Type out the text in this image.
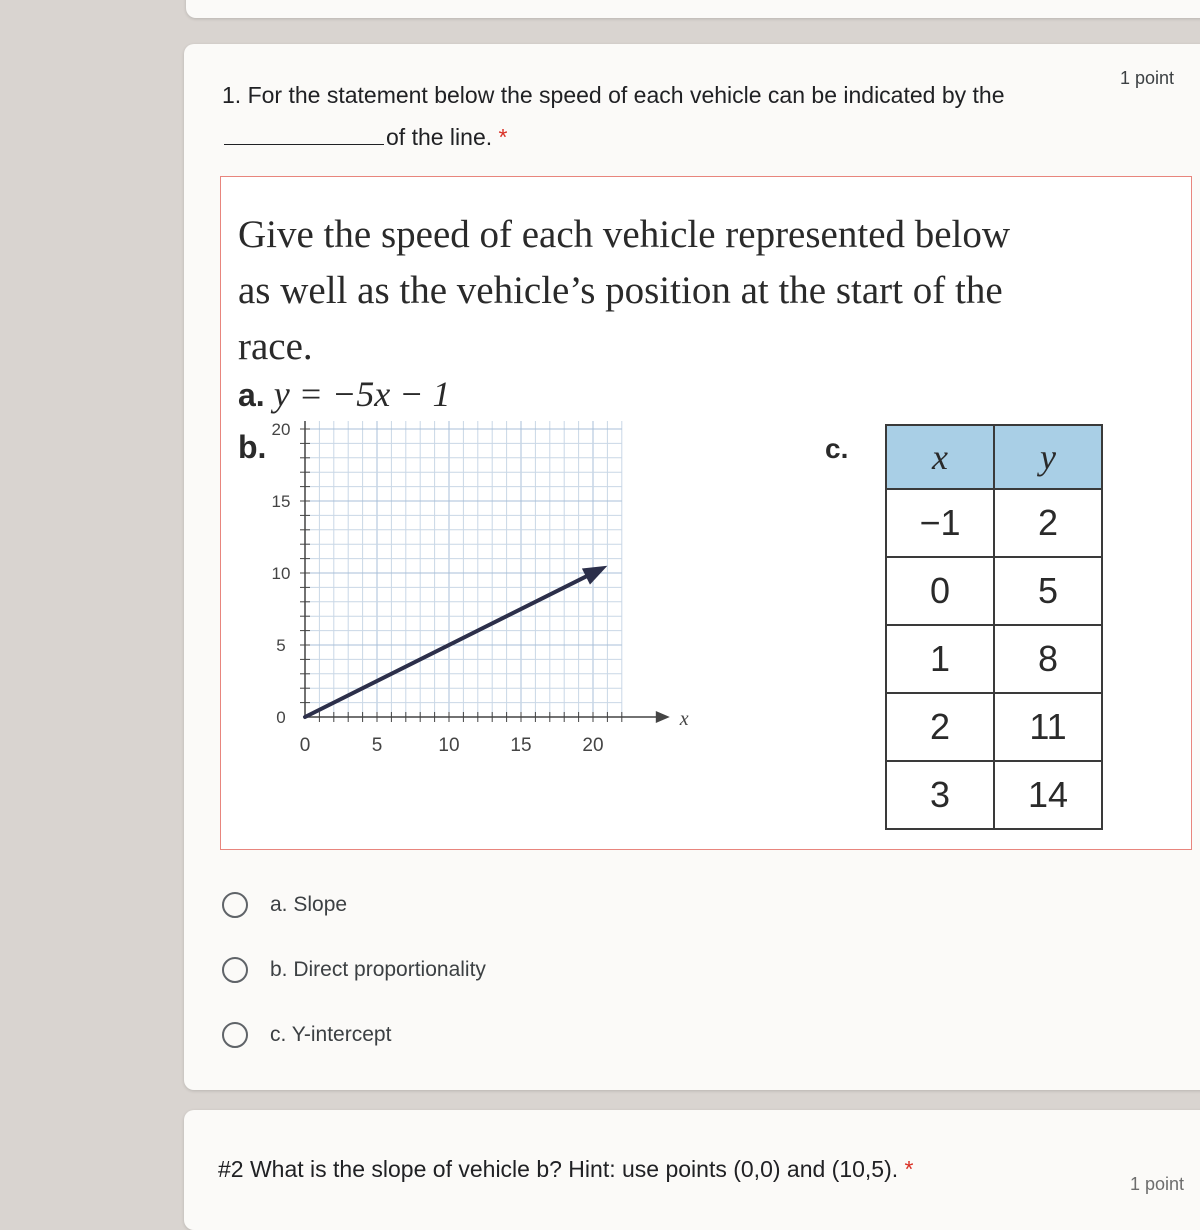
1. For the statement below the speed of each vehicle can be indicated by theof the line. *
1 point
Give the speed of each vehicle represented below as well as the vehicle’s position at the start of the race.
a. y = −5x − 1
b.
x
0	5	10	15	20
0
5
10
15
20
c. x	y
−1	2
0	5
1	8
2	11
3	14
a. Slope
b. Direct proportionality
c. Y-intercept
#2 What is the slope of vehicle b? Hint: use points (0,0) and (10,5). *
1 point
